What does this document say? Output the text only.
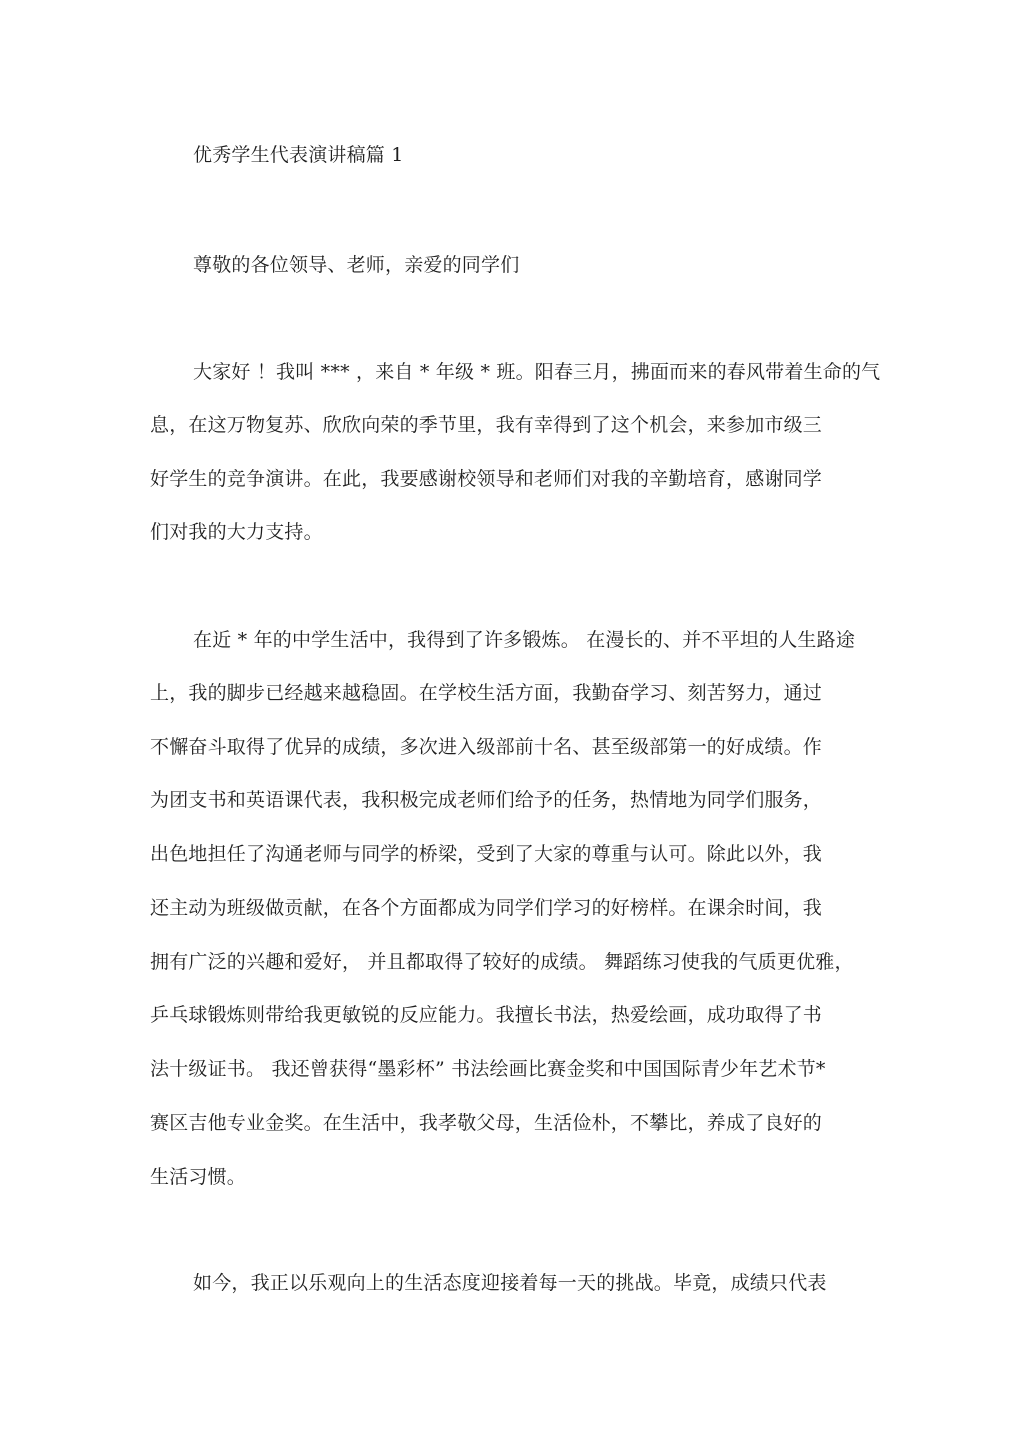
优秀学生代表演讲稿篇 1
尊敬的各位领导、老师，亲爱的同学们
大家好 ！我叫 *** ，来自 * 年级 * 班。阳春三月，拂面而来的春风带着生命的气
息，在这万物复苏、欣欣向荣的季节里，我有幸得到了这个机会，来参加市级三
好学生的竞争演讲。在此，我要感谢校领导和老师们对我的辛勤培育，感谢同学
们对我的大力支持。
在近 * 年的中学生活中，我得到了许多锻炼。 在漫长的、并不平坦的人生路途
上，我的脚步已经越来越稳固。在学校生活方面，我勤奋学习、刻苦努力，通过
不懈奋斗取得了优异的成绩，多次进入级部前十名、甚至级部第一的好成绩。作
为团支书和英语课代表，我积极完成老师们给予的任务，热情地为同学们服务，
出色地担任了沟通老师与同学的桥梁，受到了大家的尊重与认可。除此以外，我
还主动为班级做贡献，在各个方面都成为同学们学习的好榜样。在课余时间，我
拥有广泛的兴趣和爱好， 并且都取得了较好的成绩。 舞蹈练习使我的气质更优雅，
乒乓球锻炼则带给我更敏锐的反应能力。我擅长书法，热爱绘画，成功取得了书
法十级证书。 我还曾获得“墨彩杯” 书法绘画比赛金奖和中国国际青少年艺术节*
赛区吉他专业金奖。在生活中，我孝敬父母，生活俭朴，不攀比，养成了良好的
生活习惯。
如今，我正以乐观向上的生活态度迎接着每一天的挑战。毕竟，成绩只代表
